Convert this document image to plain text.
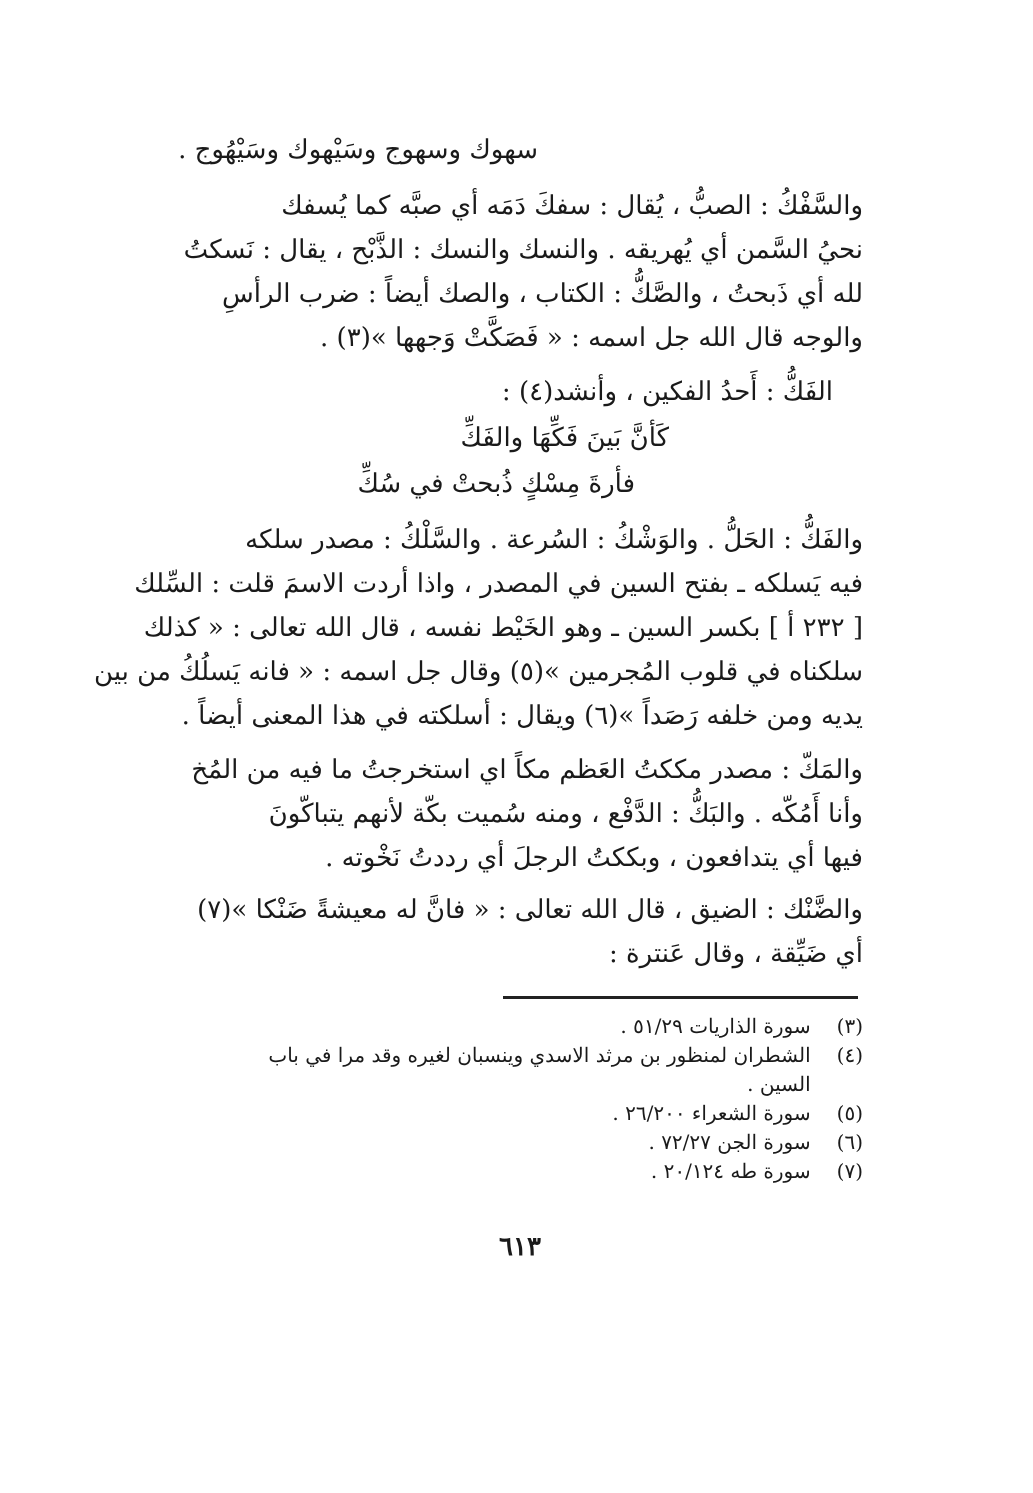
سهوك وسهوج وسَيْهوك وسَيْهُوج .
والسَّفْكُ : الصبُّ ، يُقال : سفكَ دَمَه أي صبَّه كما يُسفك
نحيُ السَّمن أي يُهريقه . والنسك والنسك : الذَّبْح ، يقال : نَسكتُ
لله أي ذَبحتُ ، والصَّكُّ : الكتاب ، والصك أيضاً : ضرب الرأسِ
والوجه قال الله جل اسمه : « فَصَكَّتْ وَجهها »(٣) .
الفَكُّ : أَحدُ الفكين ، وأنشد(٤) :
كَأنَّ بَينَ فَكِّهَا والفَكِّ
فأرةَ مِسْكٍ ذُبحتْ في سُكِّ
والفَكُّ : الحَلُّ . والوَشْكُ : السُرعة . والسَّلْكُ : مصدر سلكه
فيه يَسلكه ـ بفتح السين في المصدر ، واذا أردت الاسمَ قلت : السِّلك
[ ٢٣٢ أ ] بكسر السين ـ وهو الخَيْط نفسه ، قال الله تعالى : « كذلك
سلكناه في قلوب المُجرمين »(٥) وقال جل اسمه : « فانه يَسلُكُ من بين
يديه ومن خلفه رَصَداً »(٦) ويقال : أسلكته في هذا المعنى أيضاً .
والمَكّ : مصدر مككتُ العَظم مكاً اي استخرجتُ ما فيه من المُخ
وأنا أَمُكّه . والبَكُّ : الدَّفْع ، ومنه سُميت بكّة لأنهم يتباكّونَ
فيها أي يتدافعون ، وبككتُ الرجلَ أي رددتُ نَخْوته .
والضَّنْك : الضيق ، قال الله تعالى : « فانَّ له معيشةً ضَنْكا »(٧)
أي ضَيِّقة ، وقال عَنترة :
(٣) سورة الذاريات ٥١/٢٩ .
(٤) الشطران لمنظور بن مرثد الاسدي وينسبان لغيره وقد مرا في باب
السين .
(٥) سورة الشعراء ٢٦/٢٠٠ .
(٦) سورة الجن ٧٢/٢٧ .
(٧) سورة طه ٢٠/١٢٤ .
٦١٣
